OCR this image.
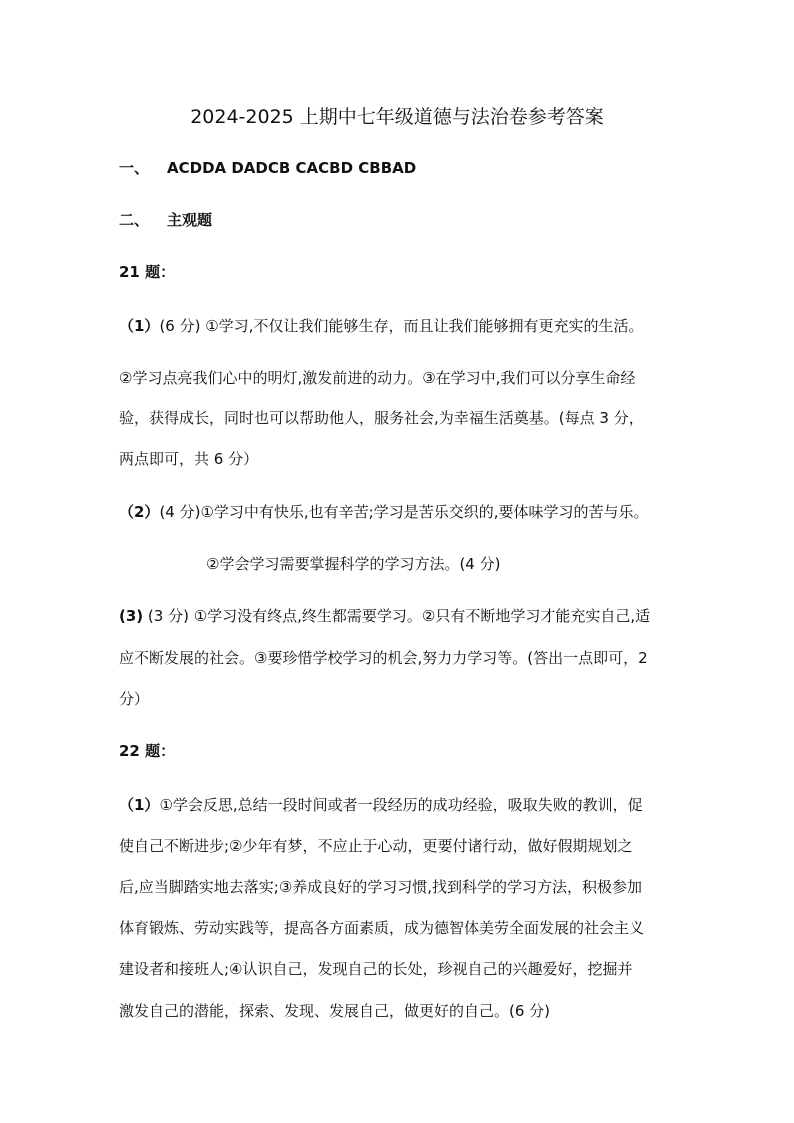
2024-2025 上期中七年级道德与法治卷参考答案
一、 ACDDA DADCB CACBD CBBAD
二、 主观题
21 题：
（1）(6 分) ①学习,不仅让我们能够生存，而且让我们能够拥有更充实的生活。
②学习点亮我们心中的明灯,激发前进的动力。③在学习中,我们可以分享生命经
验，获得成长，同时也可以帮助他人，服务社会,为幸福生活奠基。(每点 3 分，
两点即可，共 6 分）
（2）(4 分)①学习中有快乐,也有辛苦;学习是苦乐交织的,要体味学习的苦与乐。
②学会学习需要掌握科学的学习方法。(4 分)
(3) (3 分) ①学习没有终点,终生都需要学习。②只有不断地学习才能充实自己,适
应不断发展的社会。③要珍惜学校学习的机会,努力力学习等。(答出一点即可，2
分）
22 题：
（1）①学会反思,总结一段时间或者一段经历的成功经验，吸取失败的教训，促
使自己不断进步;②少年有梦，不应止于心动，更要付诸行动，做好假期规划之
后,应当脚踏实地去落实;③养成良好的学习习惯,找到科学的学习方法，积极参加
体育锻炼、劳动实践等，提高各方面素质，成为德智体美劳全面发展的社会主义
建设者和接班人;④认识自己，发现自己的长处，珍视自己的兴趣爱好，挖掘并
激发自己的潜能，探索、发现、发展自己，做更好的自己。(6 分)
